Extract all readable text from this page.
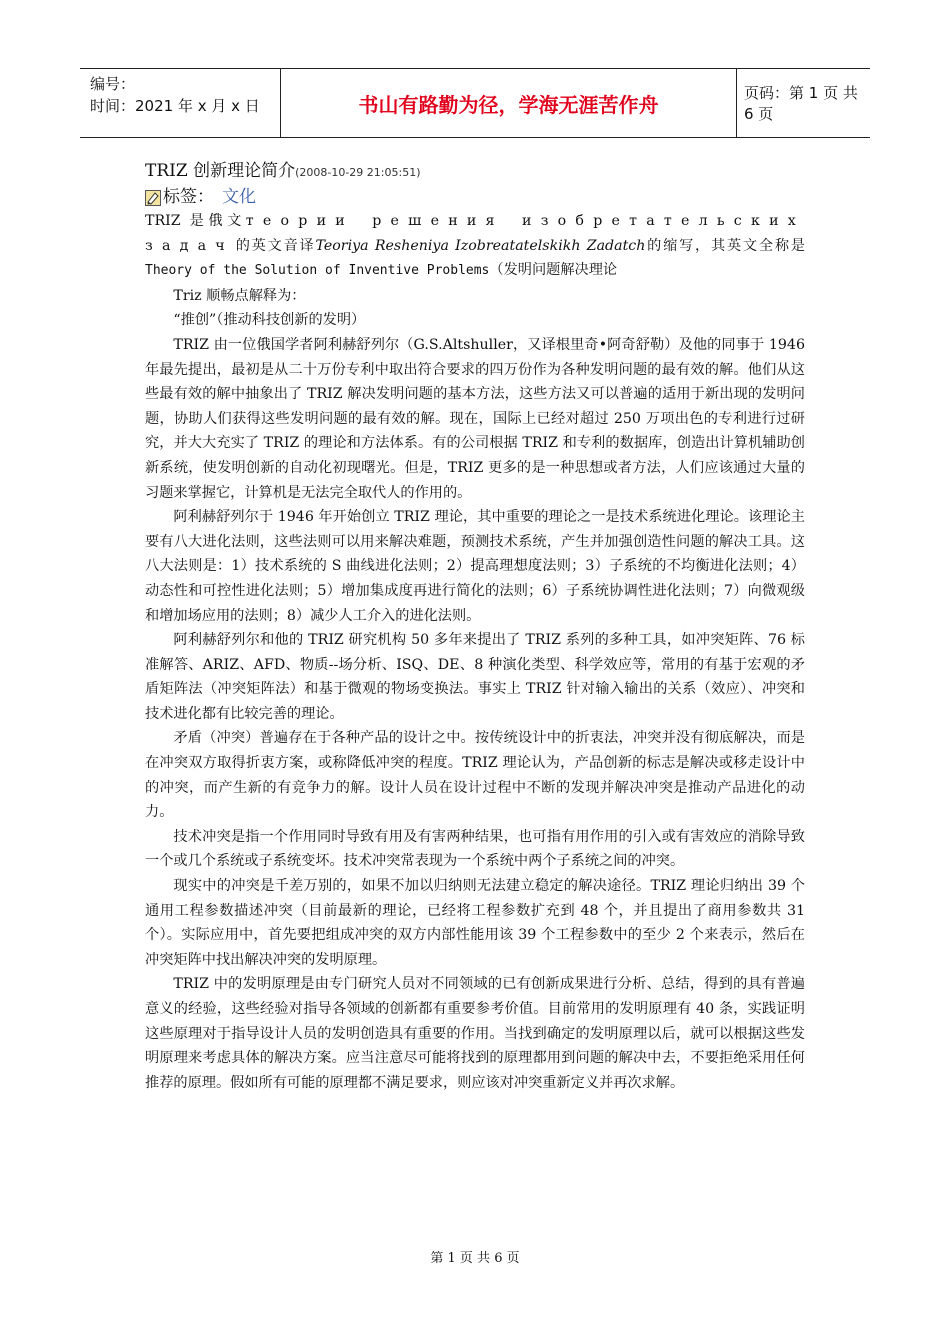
编号：
时间：2021 年 x 月 x 日	书山有路勤为径，学海无涯苦作舟	页码：第 1 页 共 6 页
TRIZ 创新理论简介(2008-10-29 21:05:51)
标签： 文化

TRIZ 是俄文теории решения изобретательских задач的英文音译Teoriya Resheniya Izobreatatelskikh Zadatch的缩写，其英文全称是Theory of the Solution of Inventive Problems（发明问题解决理论

Triz 顺畅点解释为：

“推创”（推动科技创新的发明）

TRIZ 由一位俄国学者阿利赫舒列尔（G.S.Altshuller，又译根里奇•阿奇舒勒）及他的同事于 1946 年最先提出，最初是从二十万份专利中取出符合要求的四万份作为各种发明问题的最有效的解。他们从这些最有效的解中抽象出了 TRIZ 解决发明问题的基本方法，这些方法又可以普遍的适用于新出现的发明问题，协助人们获得这些发明问题的最有效的解。现在，国际上已经对超过 250 万项出色的专利进行过研究，并大大充实了 TRIZ 的理论和方法体系。有的公司根据 TRIZ 和专利的数据库，创造出计算机辅助创新系统，使发明创新的自动化初现曙光。但是，TRIZ 更多的是一种思想或者方法，人们应该通过大量的习题来掌握它，计算机是无法完全取代人的作用的。

阿利赫舒列尔于 1946 年开始创立 TRIZ 理论，其中重要的理论之一是技术系统进化理论。该理论主要有八大进化法则，这些法则可以用来解决难题，预测技术系统，产生并加强创造性问题的解决工具。这八大法则是：1）技术系统的 S 曲线进化法则；2）提高理想度法则；3）子系统的不均衡进化法则；4）动态性和可控性进化法则；5）增加集成度再进行简化的法则；6）子系统协调性进化法则；7）向微观级和增加场应用的法则；8）减少人工介入的进化法则。

阿利赫舒列尔和他的 TRIZ 研究机构 50 多年来提出了 TRIZ 系列的多种工具，如冲突矩阵、76 标准解答、ARIZ、AFD、物质--场分析、ISQ、DE、8 种演化类型、科学效应等，常用的有基于宏观的矛盾矩阵法（冲突矩阵法）和基于微观的物场变换法。事实上 TRIZ 针对输入输出的关系（效应）、冲突和技术进化都有比较完善的理论。

矛盾（冲突）普遍存在于各种产品的设计之中。按传统设计中的折衷法，冲突并没有彻底解决，而是在冲突双方取得折衷方案，或称降低冲突的程度。TRIZ 理论认为，产品创新的标志是解决或移走设计中的冲突，而产生新的有竞争力的解。设计人员在设计过程中不断的发现并解决冲突是推动产品进化的动力。

技术冲突是指一个作用同时导致有用及有害两种结果，也可指有用作用的引入或有害效应的消除导致一个或几个系统或子系统变坏。技术冲突常表现为一个系统中两个子系统之间的冲突。

现实中的冲突是千差万别的，如果不加以归纳则无法建立稳定的解决途径。TRIZ 理论归纳出 39 个通用工程参数描述冲突（目前最新的理论，已经将工程参数扩充到 48 个，并且提出了商用参数共 31 个）。实际应用中，首先要把组成冲突的双方内部性能用该 39 个工程参数中的至少 2 个来表示，然后在冲突矩阵中找出解决冲突的发明原理。

TRIZ 中的发明原理是由专门研究人员对不同领域的已有创新成果进行分析、总结，得到的具有普遍意义的经验，这些经验对指导各领域的创新都有重要参考价值。目前常用的发明原理有 40 条，实践证明这些原理对于指导设计人员的发明创造具有重要的作用。当找到确定的发明原理以后，就可以根据这些发明原理来考虑具体的解决方案。应当注意尽可能将找到的原理都用到问题的解决中去，不要拒绝采用任何推荐的原理。假如所有可能的原理都不满足要求，则应该对冲突重新定义并再次求解。

第 1 页 共 6 页
